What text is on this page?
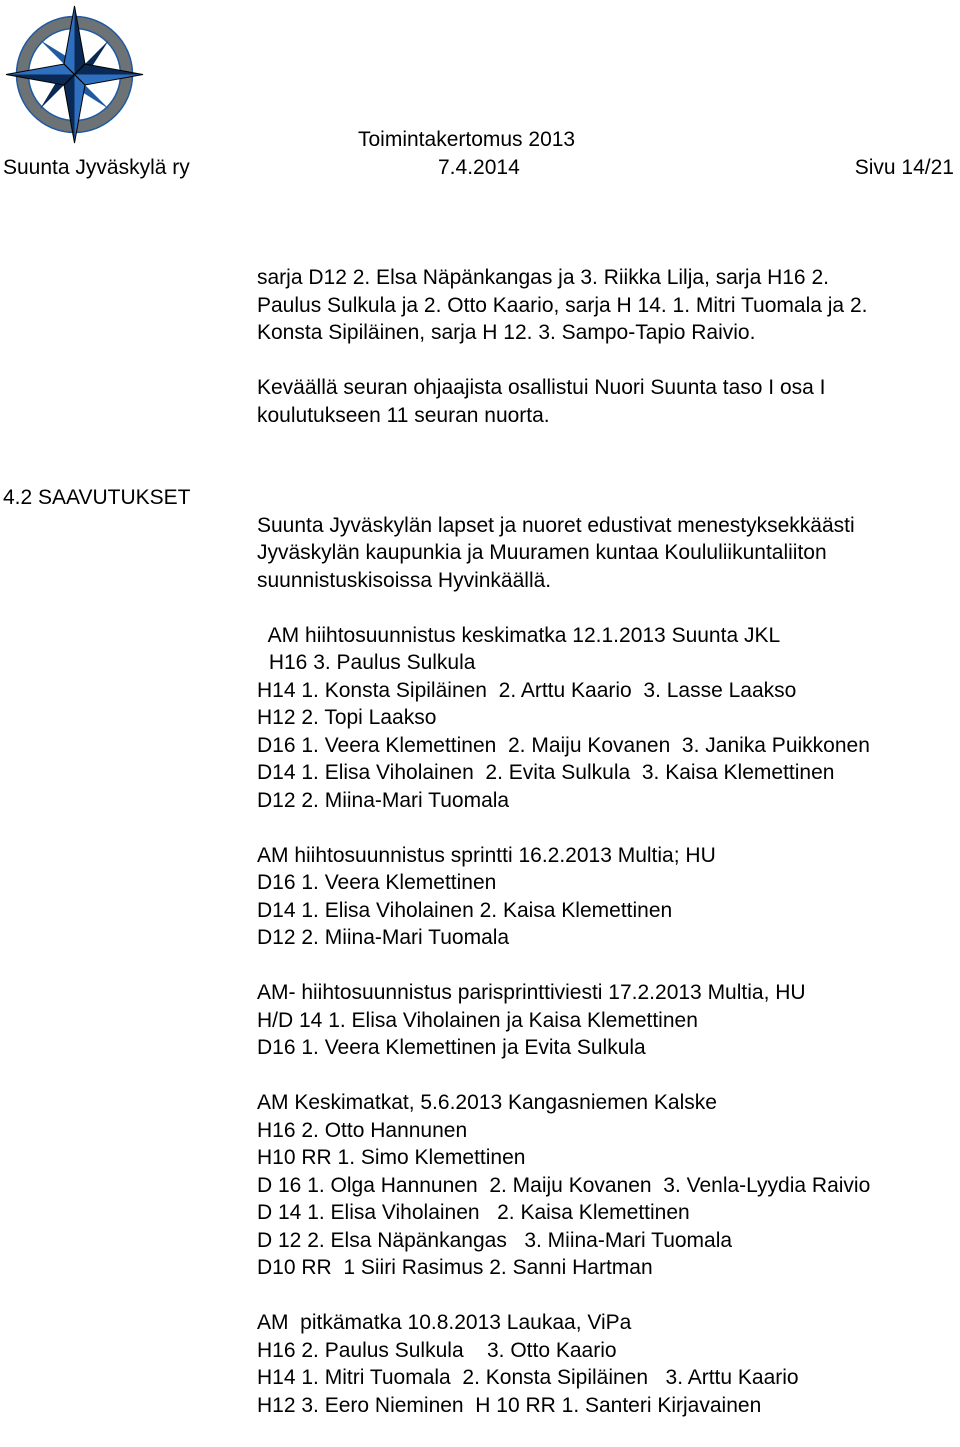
Toimintakertomus 2013
Suunta Jyväskylä ry	7.4.2014	Sivu 14/21
4.2 SAAVUTUKSET
sarja D12 2. Elsa Näpänkangas ja 3. Riikka Lilja, sarja H16 2.
Paulus Sulkula ja 2. Otto Kaario, sarja H 14. 1. Mitri Tuomala ja 2.
Konsta Sipiläinen, sarja H 12. 3. Sampo-Tapio Raivio.
Keväällä seuran ohjaajista osallistui Nuori Suunta taso I osa I
koulutukseen 11 seuran nuorta.
Suunta Jyväskylän lapset ja nuoret edustivat menestyksekkäästi
Jyväskylän kaupunkia ja Muuramen kuntaa Koululiikuntaliiton
suunnistuskisoissa Hyvinkäällä.
AM hiihtosuunnistus keskimatka 12.1.2013 Suunta JKL
H16 3. Paulus Sulkula
H14 1. Konsta Sipiläinen  2. Arttu Kaario  3. Lasse Laakso
H12 2. Topi Laakso
D16 1. Veera Klemettinen  2. Maiju Kovanen  3. Janika Puikkonen
D14 1. Elisa Viholainen  2. Evita Sulkula  3. Kaisa Klemettinen
D12 2. Miina-Mari Tuomala
AM hiihtosuunnistus sprintti 16.2.2013 Multia; HU
D16 1. Veera Klemettinen
D14 1. Elisa Viholainen 2. Kaisa Klemettinen
D12 2. Miina-Mari Tuomala
AM- hiihtosuunnistus parisprinttiviesti 17.2.2013 Multia, HU
H/D 14 1. Elisa Viholainen ja Kaisa Klemettinen
D16 1. Veera Klemettinen ja Evita Sulkula
AM Keskimatkat, 5.6.2013 Kangasniemen Kalske
H16 2. Otto Hannunen
H10 RR 1. Simo Klemettinen
D 16 1. Olga Hannunen  2. Maiju Kovanen  3. Venla-Lyydia Raivio
D 14 1. Elisa Viholainen   2. Kaisa Klemettinen
D 12 2. Elsa Näpänkangas   3. Miina-Mari Tuomala
D10 RR  1 Siiri Rasimus 2. Sanni Hartman
AM  pitkämatka 10.8.2013 Laukaa, ViPa
H16 2. Paulus Sulkula    3. Otto Kaario
H14 1. Mitri Tuomala  2. Konsta Sipiläinen   3. Arttu Kaario
H12 3. Eero Nieminen  H 10 RR 1. Santeri Kirjavainen
